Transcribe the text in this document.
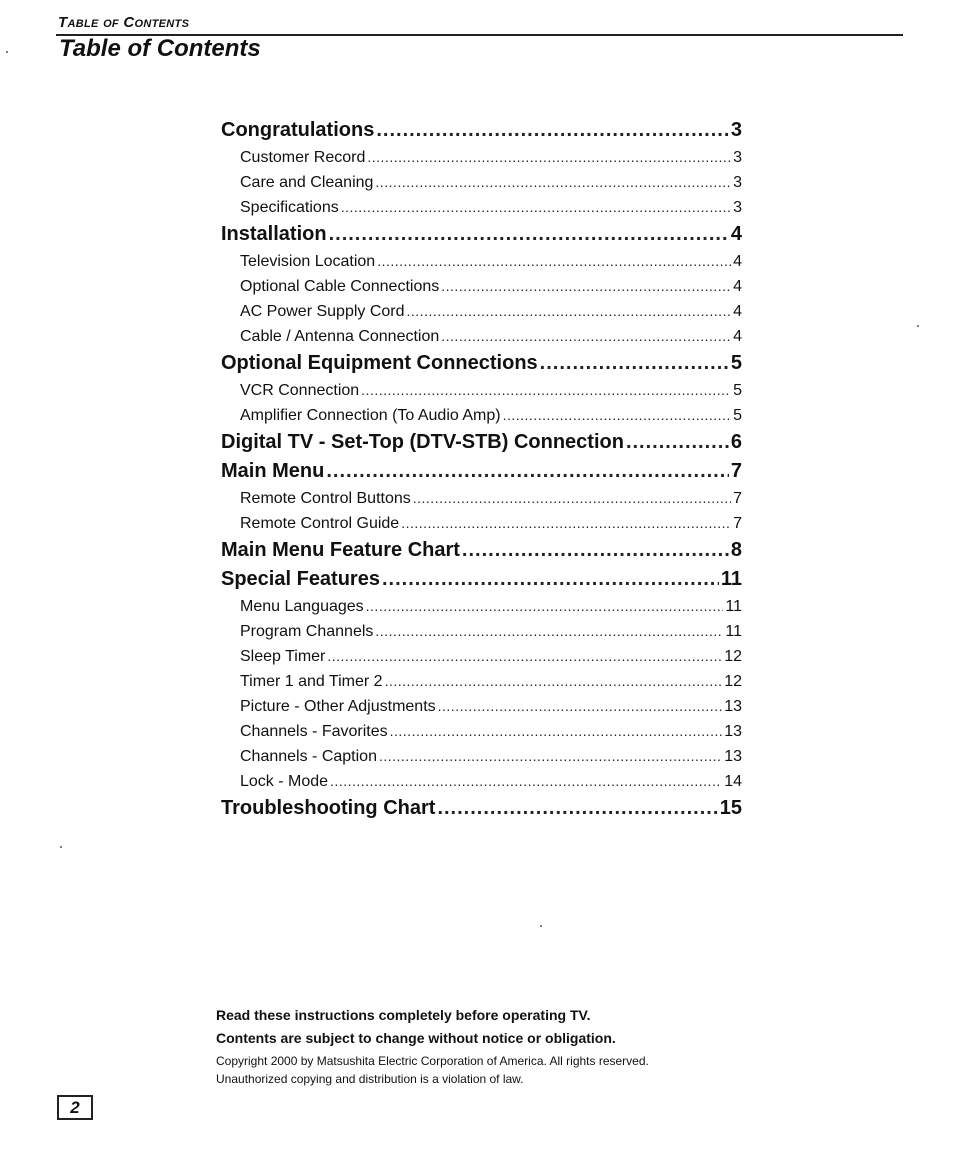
Table of Contents
Table of Contents
Congratulations .....	3
Customer Record .....	3
Care and Cleaning .....	3
Specifications .....	3
Installation .....	4
Television Location .....	4
Optional Cable Connections .....	4
AC Power Supply Cord .....	4
Cable / Antenna Connection .....	4
Optional Equipment Connections .....	5
VCR Connection .....	5
Amplifier Connection (To Audio Amp) .....	5
Digital TV - Set-Top (DTV-STB) Connection .....	6
Main Menu .....	7
Remote Control Buttons .....	7
Remote Control Guide .....	7
Main Menu Feature Chart .....	8
Special Features .....	11
Menu Languages .....	11
Program Channels .....	11
Sleep Timer .....	12
Timer 1 and Timer 2 .....	12
Picture - Other Adjustments .....	13
Channels - Favorites .....	13
Channels - Caption .....	13
Lock - Mode .....	14
Troubleshooting Chart .....	15
Read these instructions completely before operating TV.
Contents are subject to change without notice or obligation.
Copyright 2000 by Matsushita Electric Corporation of America. All rights reserved.
Unauthorized copying and distribution is a violation of law.
2
